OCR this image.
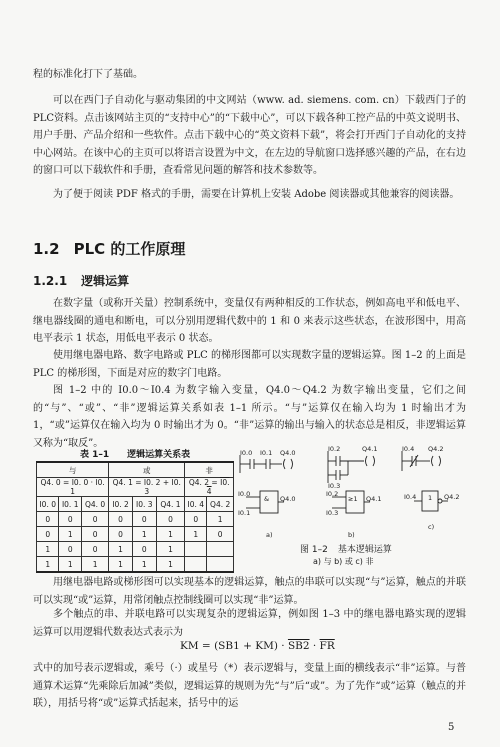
程的标准化打下了基础。

可以在西门子自动化与驱动集团的中文网站（www. ad. siemens. com. cn）下载西门子的PLC资料。点击该网站主页的“支持中心”的“下载中心”，可以下载各种工控产品的中英文说明书、用户手册、产品介绍和一些软件。点击下载中心的“英文资料下载”，将会打开西门子自动化的支持中心网站。在该中心的主页可以将语言设置为中文，在左边的导航窗口选择感兴趣的产品，在右边的窗口可以下载软件和手册，查看常见问题的解答和技术参数等。

为了便于阅读 PDF 格式的手册，需要在计算机上安装 Adobe 阅读器或其他兼容的阅读器。

1.2 PLC 的工作原理
1.2.1 逻辑运算

在数字量（或称开关量）控制系统中，变量仅有两种相反的工作状态，例如高电平和低电平、继电器线圈的通电和断电，可以分别用逻辑代数中的 1 和 0 来表示这些状态，在波形图中，用高电平表示 1 状态，用低电平表示 0 状态。

使用继电器电路、数字电路或 PLC 的梯形图都可以实现数字量的逻辑运算。图 1–2 的上面是 PLC 的梯形图，下面是对应的数字门电路。

图 1–2 中的 I0.0～I0.4 为数字输入变量，Q4.0～Q4.2 为数字输出变量，它们之间的“与”、“或”、“非”逻辑运算关系如表 1–1 所示。“与”运算仅在输入均为 1 时输出才为 1，“或”运算仅在输入均为 0 时输出才为 0。“非”运算的输出与输入的状态总是相反，非逻辑运算又称为“取反”。

表 1–1 逻辑运算关系表
与			或			非	
Q4. 0 = I0. 0 · I0. 1			Q4. 1 = I0. 2 + I0. 3			Q4. 2 = I0. 4	
I0. 0	I0. 1	Q4. 0	I0. 2	I0. 3	Q4. 1	I0. 4	Q4. 2
0	0	0	0	0	0	0	1
0	1	0	0	1	1	1	0
1	0	0	1	0	1		
1	1	1	1	1	1		
I0.0 I0.1 Q4.0	I0.2
I0.3
Q4.1	I0.4 Q4.2
&
I0.0
I0.1
Q4.0
a)
≥1
I0.2
I0.3
Q4.1
b)
1
I0.4	Q4.2
c)
图 1–2 基本逻辑运算
a) 与 b) 或 c) 非

用继电器电路或梯形图可以实现基本的逻辑运算，触点的串联可以实现“与”运算，触点的并联可以实现“或”运算，用常闭触点控制线圈可以实现“非”运算。

多个触点的串、并联电路可以实现复杂的逻辑运算，例如图 1–3 中的继电器电路实现的逻辑运算可以用逻辑代数表达式表示为

KM = $(SB1 + KM) \cdot SB2 \cdot \overline{FR}$

式中的加号表示逻辑或，乘号（·）或星号（*）表示逻辑与，变量上面的横线表示“非”运算。与普通算术运算“先乘除后加减”类似，逻辑运算的规则为先“与”后“或”。为了先作“或”运算（触点的并联），用括号将“或”运算式括起来，括号中的运

5
